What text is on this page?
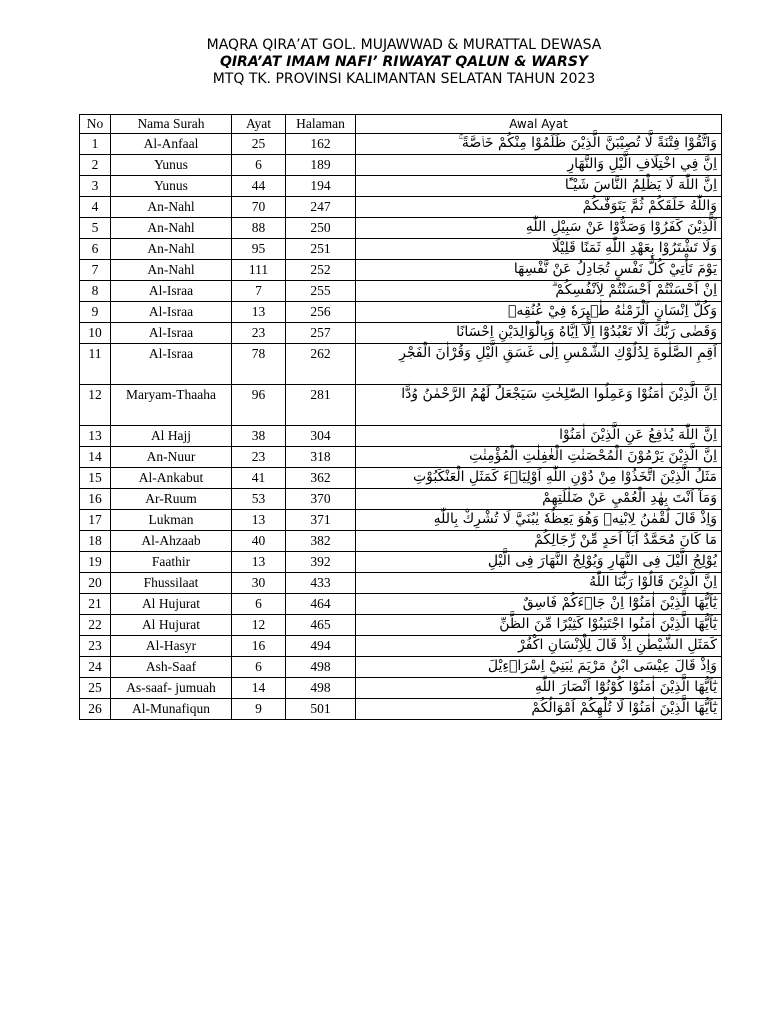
MAQRA QIRA’AT GOL. MUJAWWAD & MURATTAL DEWASA
QIRA’AT IMAM NAFI’ RIWAYAT QALUN & WARSY
MTQ TK. PROVINSI KALIMANTAN SELATAN TAHUN 2023
No	Nama Surah	Ayat	Halaman	Awal Ayat
1	Al-Anfaal	25	162	وَاتَّقُوْا فِتْنَةً لَّا تُصِيْبَنَّ الَّذِيْنَ ظَلَمُوْا مِنْكُمْ خَاۤصَّةً ۚ
2	Yunus	6	189	اِنَّ فِي اخْتِلَافِ الَّيْلِ وَالنَّهَارِ
3	Yunus	44	194	اِنَّ اللّٰهَ لَا يَظْلِمُ النَّاسَ شَيْـًٔا
4	An-Nahl	70	247	وَاللّٰهُ خَلَقَكُمْ ثُمَّ يَتَوَفّٰىكُمْ
5	An-Nahl	88	250	اَلَّذِيْنَ كَفَرُوْا وَصَدُّوْا عَنْ سَبِيْلِ اللّٰهِ
6	An-Nahl	95	251	وَلَا تَشْتَرُوْا بِعَهْدِ اللّٰهِ ثَمَنًا قَلِيْلًا
7	An-Nahl	111	252	يَوْمَ تَأْتِيْ كُلُّ نَفْسٍ تُجَادِلُ عَنْ نَّفْسِهَا
8	Al-Israa	7	255	اِنْ اَحْسَنْتُمْ اَحْسَنْتُمْ لِاَنْفُسِكُمْ ۗ
9	Al-Israa	13	256	وَكُلَّ اِنْسَانٍ اَلْزَمْنٰهُ طٰۤىِٕرَهٗ فِيْ عُنُقِهٖ
10	Al-Israa	23	257	وَقَضٰى رَبُّكَ اَلَّا تَعْبُدُوْٓا اِلَّآ اِيَّاهُ وَبِالْوَالِدَيْنِ اِحْسَانًا
11	Al-Israa	78	262	اَقِمِ الصَّلٰوةَ لِدُلُوْكِ الشَّمْسِ اِلٰى غَسَقِ الَّيْلِ وَقُرْاٰنَ الْفَجْرِ
12	Maryam-Thaaha	96	281	اِنَّ الَّذِيْنَ اٰمَنُوْا وَعَمِلُوا الصّٰلِحٰتِ سَيَجْعَلُ لَهُمُ الرَّحْمٰنُ وُدًّا
13	Al Hajj	38	304	اِنَّ اللّٰهَ يُدٰفِعُ عَنِ الَّذِيْنَ اٰمَنُوْا
14	An-Nuur	23	318	اِنَّ الَّذِيْنَ يَرْمُوْنَ الْمُحْصَنٰتِ الْغٰفِلٰتِ الْمُؤْمِنٰتِ
15	Al-Ankabut	41	362	مَثَلُ الَّذِيْنَ اتَّخَذُوْا مِنْ دُوْنِ اللّٰهِ اَوْلِيَاۤءَ كَمَثَلِ الْعَنْكَبُوْتِ
16	Ar-Ruum	53	370	وَمَآ اَنْتَ بِهٰدِ الْعُمْيِ عَنْ ضَلٰلَتِهِمْ
17	Lukman	13	371	وَاِذْ قَالَ لُقْمٰنُ لِابْنِهٖ وَهُوَ يَعِظُهٗ يٰبُنَيَّ لَا تُشْرِكْ بِاللّٰهِ
18	Al-Ahzaab	40	382	مَا كَانَ مُحَمَّدٌ اَبَآ اَحَدٍ مِّنْ رِّجَالِكُمْ
19	Faathir	13	392	يُوْلِجُ الَّيْلَ فِى النَّهَارِ وَيُوْلِجُ النَّهَارَ فِى الَّيْلِ
20	Fhussilaat	30	433	اِنَّ الَّذِيْنَ قَالُوْا رَبُّنَا اللّٰهُ
21	Al Hujurat	6	464	يٰٓاَيُّهَا الَّذِيْنَ اٰمَنُوْٓا اِنْ جَاۤءَكُمْ فَاسِقٌ
22	Al Hujurat	12	465	يٰٓاَيُّهَا الَّذِيْنَ اٰمَنُوا اجْتَنِبُوْا كَثِيْرًا مِّنَ الظَّنِّ
23	Al-Hasyr	16	494	كَمَثَلِ الشَّيْطٰنِ اِذْ قَالَ لِلْاِنْسَانِ اكْفُرْ
24	Ash-Saaf	6	498	وَاِذْ قَالَ عِيْسَى ابْنُ مَرْيَمَ يٰبَنِيْٓ اِسْرَاۤءِيْلَ
25	As-saaf- jumuah	14	498	يٰٓاَيُّهَا الَّذِيْنَ اٰمَنُوْا كُوْنُوْٓا اَنْصَارَ اللّٰهِ
26	Al-Munafiqun	9	501	يٰٓاَيُّهَا الَّذِيْنَ اٰمَنُوْا لَا تُلْهِكُمْ اَمْوَالُكُمْ
